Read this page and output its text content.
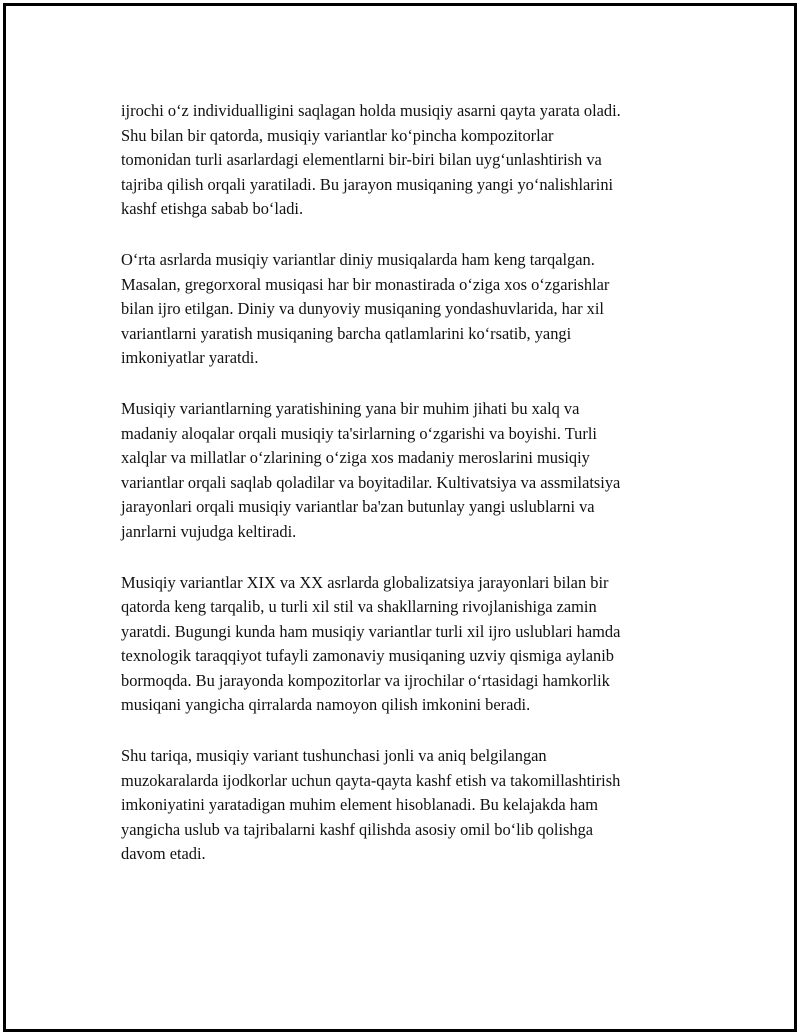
ijrochi o‘z individualligini saqlagan holda musiqiy asarni qayta yarata oladi.
Shu bilan bir qatorda, musiqiy variantlar ko‘pincha kompozitorlar
tomonidan turli asarlardagi elementlarni bir-biri bilan uyg‘unlashtirish va
tajriba qilish orqali yaratiladi. Bu jarayon musiqaning yangi yo‘nalishlarini
kashf etishga sabab bo‘ladi.

O‘rta asrlarda musiqiy variantlar diniy musiqalarda ham keng tarqalgan.
Masalan, gregorxoral musiqasi har bir monastirada o‘ziga xos o‘zgarishlar
bilan ijro etilgan. Diniy va dunyoviy musiqaning yondashuvlarida, har xil
variantlarni yaratish musiqaning barcha qatlamlarini ko‘rsatib, yangi
imkoniyatlar yaratdi.

Musiqiy variantlarning yaratishining yana bir muhim jihati bu xalq va
madaniy aloqalar orqali musiqiy ta'sirlarning o‘zgarishi va boyishi. Turli
xalqlar va millatlar o‘zlarining o‘ziga xos madaniy meroslarini musiqiy
variantlar orqali saqlab qoladilar va boyitadilar. Kultivatsiya va assmilatsiya
jarayonlari orqali musiqiy variantlar ba'zan butunlay yangi uslublarni va
janrlarni vujudga keltiradi.

Musiqiy variantlar XIX va XX asrlarda globalizatsiya jarayonlari bilan bir
qatorda keng tarqalib, u turli xil stil va shakllarning rivojlanishiga zamin
yaratdi. Bugungi kunda ham musiqiy variantlar turli xil ijro uslublari hamda
texnologik taraqqiyot tufayli zamonaviy musiqaning uzviy qismiga aylanib
bormoqda. Bu jarayonda kompozitorlar va ijrochilar o‘rtasidagi hamkorlik
musiqani yangicha qirralarda namoyon qilish imkonini beradi.

Shu tariqa, musiqiy variant tushunchasi jonli va aniq belgilangan
muzokaralarda ijodkorlar uchun qayta-qayta kashf etish va takomillashtirish
imkoniyatini yaratadigan muhim element hisoblanadi. Bu kelajakda ham
yangicha uslub va tajribalarni kashf qilishda asosiy omil bo‘lib qolishga
davom etadi.
